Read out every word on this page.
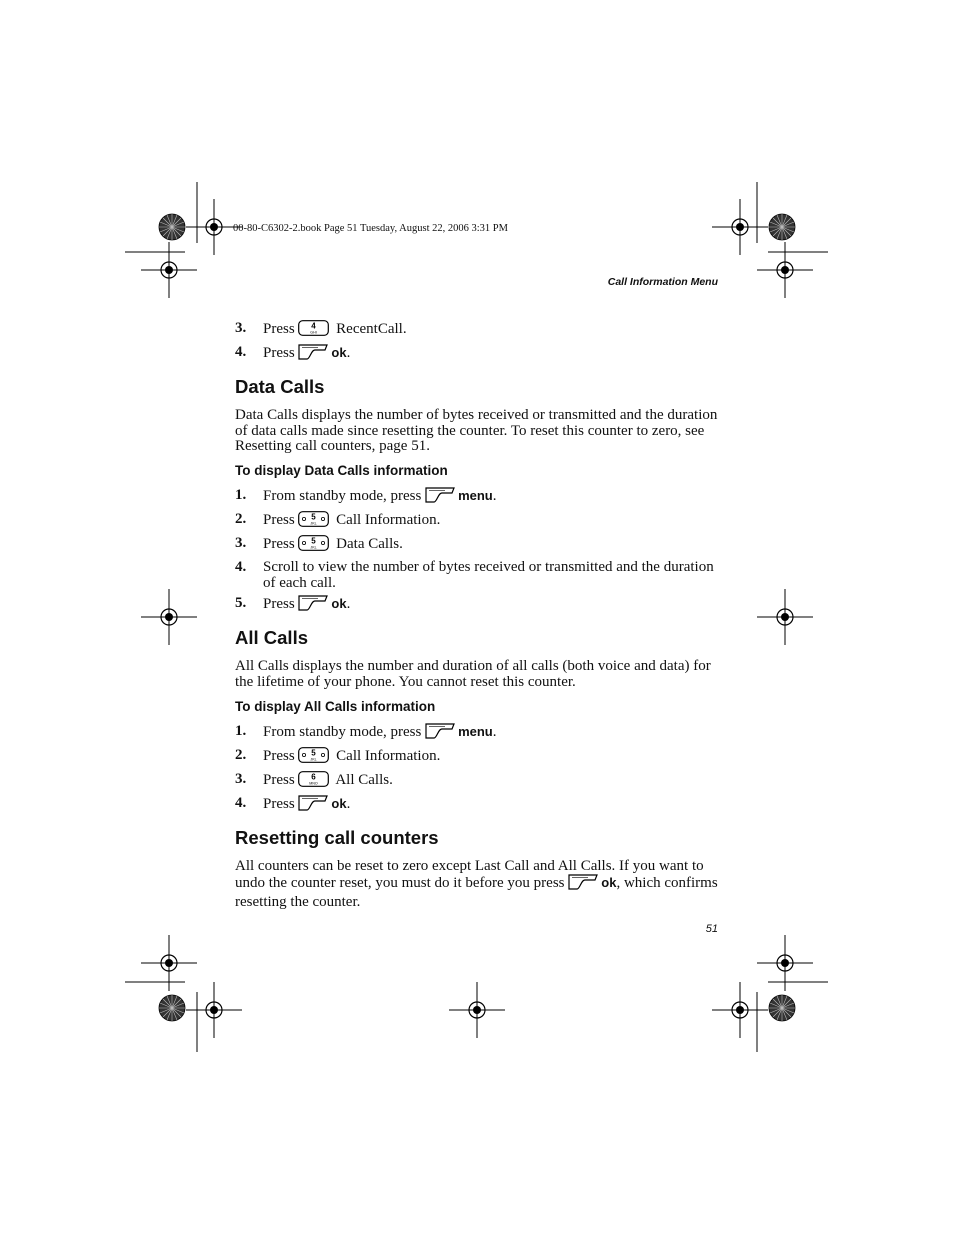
00-80-C6302-2.book Page 51 Tuesday, August 22, 2006 3:31 PM
Call Information Menu
3.	Press 4
GHI RecentCall.
4.	Press	ok.
Data Calls

Data Calls displays the number of bytes received or transmitted and the duration of data calls made since resetting the counter. To reset this counter to zero, see Resetting call counters, page 51.

To display Data Calls information
1.	From standby mode, press	menu.
2.	Press 5
JKL Call Information.
3.	Press 5
JKL Data Calls.
4.	Scroll to view the number of bytes received or transmitted and the duration of each call.
5.	Press	ok.
All Calls

All Calls displays the number and duration of all calls (both voice and data) for the lifetime of your phone. You cannot reset this counter.

To display All Calls information
1.	From standby mode, press	menu.
2.	Press 5
JKL Call Information.
3.	Press 6
MNO All Calls.
4.	Press	ok.
Resetting call counters

All counters can be reset to zero except Last Call and All Calls. If you want to undo the counter reset, you must do it before you press	ok, which confirms resetting the counter.

51
